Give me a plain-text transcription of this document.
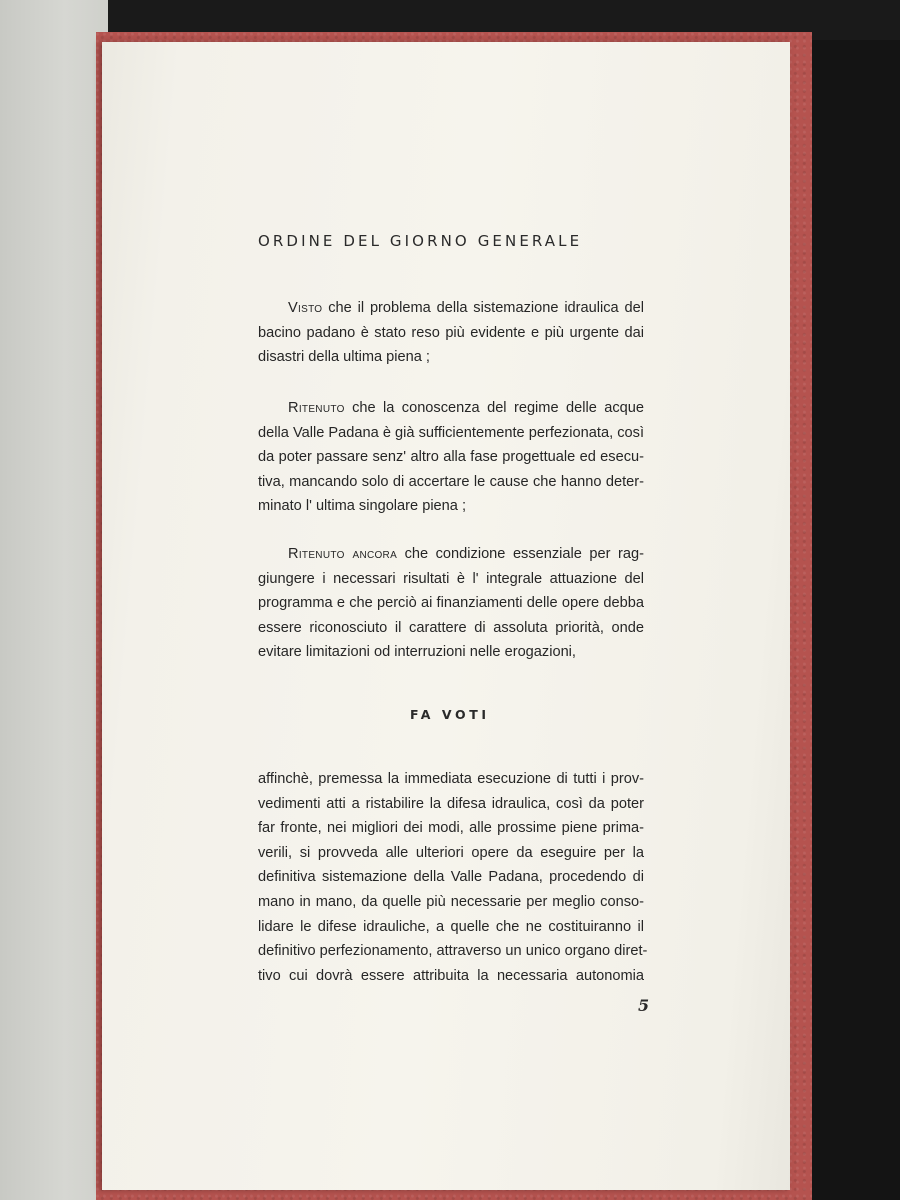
ORDINE DEL GIORNO GENERALE
Visto che il problema della sistemazione idraulica del
bacino padano è stato reso più evidente e più urgente dai
disastri della ultima piena ;
Ritenuto che la conoscenza del regime delle acque
della Valle Padana è già sufficientemente perfezionata, così
da poter passare senz' altro alla fase progettuale ed esecu-
tiva, mancando solo di accertare le cause che hanno deter-
minato l' ultima singolare piena ;
Ritenuto ancora che condizione essenziale per rag-
giungere i necessari risultati è l' integrale attuazione del
programma e che perciò ai finanziamenti delle opere debba
essere riconosciuto il carattere di assoluta priorità, onde
evitare limitazioni od interruzioni nelle erogazioni,
FA VOTI
affinchè, premessa la immediata esecuzione di tutti i prov-
vedimenti atti a ristabilire la difesa idraulica, così da poter
far fronte, nei migliori dei modi, alle prossime piene prima-
verili, si provveda alle ulteriori opere da eseguire per la
definitiva sistemazione della Valle Padana, procedendo di
mano in mano, da quelle più necessarie per meglio conso-
lidare le difese idrauliche, a quelle che ne costituiranno il
definitivo perfezionamento, attraverso un unico organo diret-
tivo cui dovrà essere attribuita la necessaria autonomia
5
